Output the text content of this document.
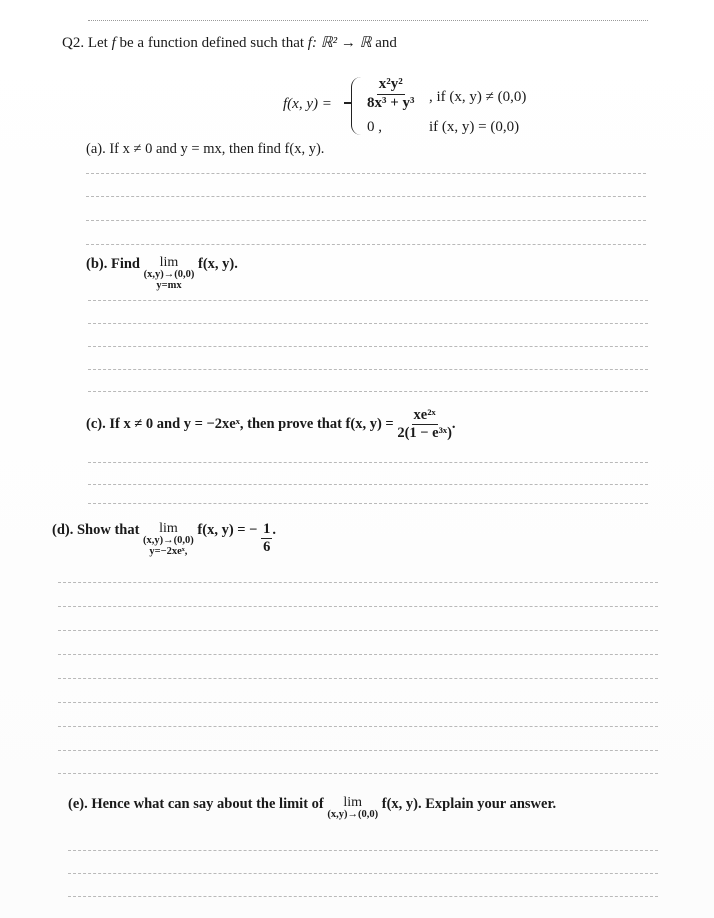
Q2. Let f be a function defined such that f: ℝ² → ℝ and
f(x, $y) = \frac{\text{x²y²}}{\text{8x³ + y³}}$ , if (x, y) ≠ (0,0)
0 ,	if (x, y) = (0,0)
(a). If x ≠ 0 and y = mx, then find f(x, y).
(b). Find lim
(x,y)→(0,0)
y=mx
f(x, y).
(c). If x ≠ 0 and y = −2xeˣ, then prove that f(x, $y) = \frac{\text{xe²ˣ}}{\text{2(1 − e³ˣ)}}$ .
(d). Show that lim
(x,y)→(0,0)
y=−2xeˣ,
f(x, y) = − $\frac{1}{6}$ .
(e). Hence what can say about the limit of lim
(x,y)→(0,0)
f(x, y). Explain your answer.
